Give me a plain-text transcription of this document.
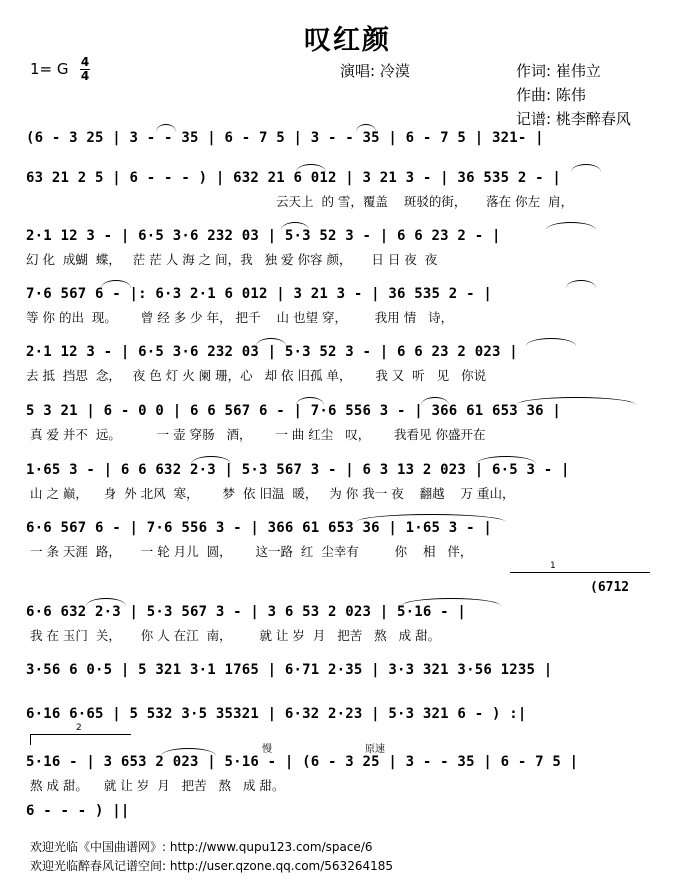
叹红颜
1= G 4
4	演唱: 冷漠	作词: 崔伟立
作曲: 陈伟
记谱: 桃李醉春风
(6 - 3 25 | 3 - - 35 | 6 - 7 5 | 3 - - 35 | 6 - 7 5 | 321- |
63 21 2 5 | 6 - - - ) | 632 21 6 012 | 3 21 3 - | 36 535 2 - |
云天上  的 雪，覆盖    斑驳的街，     落在 你左  肩，
2·1 12 3 - | 6·5 3·6 232 03 | 5·3 52 3 - | 6 6 23 2 - |
幻 化  成蝴  蝶，   茫 茫 人 海 之 间，我   独 爱 你容 颜，     日 日 夜  夜
7·6 567 6 - |: 6·3 2·1 6 012 | 3 21 3 - | 36 535 2 - |
等 你 的出  现。      曾 经 多 少 年， 把千    山 也望 穿，       我用 情   诗，
2·1 12 3 - | 6·5 3·6 232 03 | 5·3 52 3 - | 6 6 23 2 023 |
去 抵  挡思  念，   夜 色 灯 火 阑 珊，心   却 依 旧孤 单，      我 又  听   见   你说
5 3 21 | 6 - 0 0 | 6 6 567 6 - | 7·6 556 3 - | 366 61 653 36 |
真 爱 并不  远。         一 壶 穿肠   酒，      一 曲 红尘   叹，      我看见 你盛开在
1·65 3 - | 6 6 632 2·3 | 5·3 567 3 - | 6 3 13 2 023 | 6·5 3 - |
山 之 巅，    身  外 北风  寒，      梦  依 旧温  暖，   为 你 我一 夜    翻越    万 重山，
6·6 567 6 - | 7·6 556 3 - | 366 61 653 36 | 1·65 3 - |
一 条 天涯  路，     一 轮 月儿  圆，      这一路  红  尘幸有         你    相   伴，
1
(6712
6·6 632 2·3 | 5·3 567 3 - | 3 6 53 2 023 | 5·16 - |
我 在 玉门  关，     你 人 在江  南，       就 让 岁  月   把苦   熬   成 甜。
3·56 6 0·5 | 5 321 3·1 1765 | 6·71 2·35 | 3·3 321 3·56 1235 |
6·16 6·65 | 5 532 3·5 35321 | 6·32 2·23 | 5·3 321 6 - ) :|
2
慢	原速
5·16 - | 3 653 2 023 | 5·16 - | (6 - 3 25 | 3 - - 35 | 6 - 7 5 |
熬 成 甜。    就 让 岁  月   把苦   熬   成 甜。
6 - - - ) ||
欢迎光临《中国曲谱网》: http://www.qupu123.com/space/6
欢迎光临醉春风记谱空间: http://user.qzone.qq.com/563264185
